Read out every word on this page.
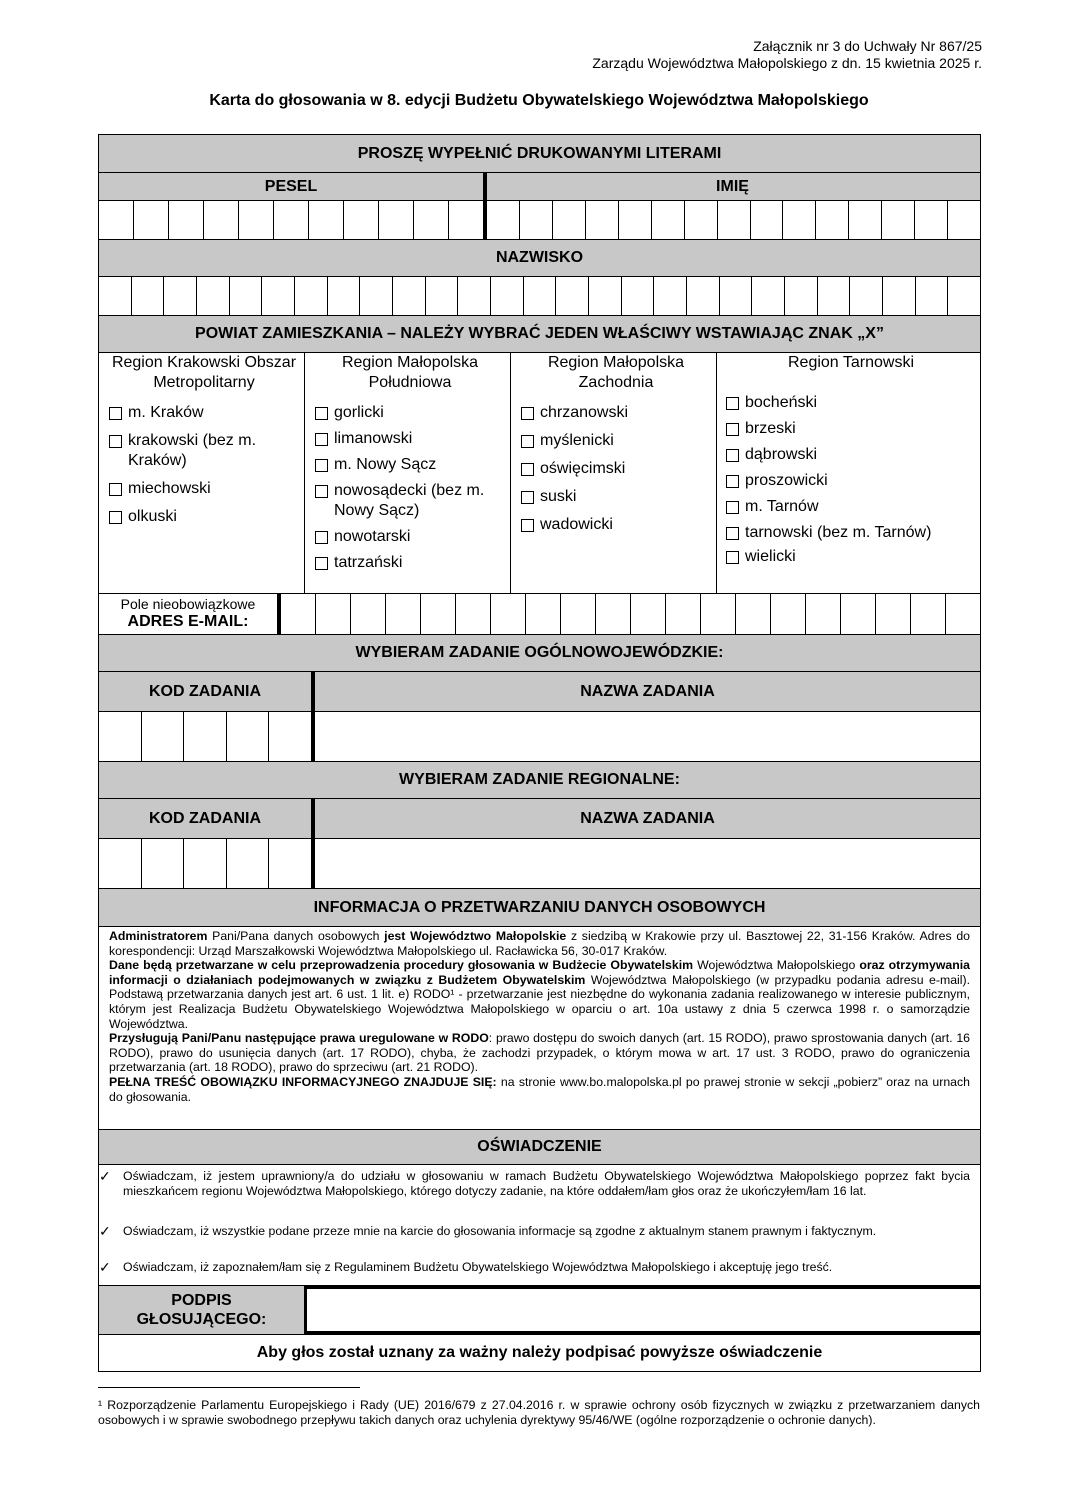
Załącznik nr 3 do Uchwały Nr 867/25
Zarządu Województwa Małopolskiego z dn. 15 kwietnia 2025 r.
Karta do głosowania w 8. edycji Budżetu Obywatelskiego Województwa Małopolskiego
PROSZĘ WYPEŁNIĆ DRUKOWANYMI LITERAMI
PESEL	IMIĘ
NAZWISKO
POWIAT ZAMIESZKANIA – NALEŻY WYBRAĆ JEDEN WŁAŚCIWY WSTAWIAJĄC ZNAK „X”
Region Krakowski Obszar Metropolitarny
m. Kraków
krakowski (bez m. Kraków)
miechowski
olkuski
Region Małopolska Południowa
gorlicki
limanowski
m. Nowy Sącz
nowosądecki (bez m. Nowy Sącz)
nowotarski
tatrzański
Region Małopolska Zachodnia
chrzanowski
myślenicki
oświęcimski
suski
wadowicki
Region Tarnowski
bocheński
brzeski
dąbrowski
proszowicki
m. Tarnów
tarnowski (bez m. Tarnów)
wielicki
Pole nieobowiązkowe
ADRES E-MAIL:
WYBIERAM ZADANIE OGÓLNOWOJEWÓDZKIE:
KOD ZADANIA	NAZWA ZADANIA
WYBIERAM ZADANIE REGIONALNE:
KOD ZADANIA	NAZWA ZADANIA
INFORMACJA O PRZETWARZANIU DANYCH OSOBOWYCH
Administratorem Pani/Pana danych osobowych jest Województwo Małopolskie z siedzibą w Krakowie przy ul. Basztowej 22, 31-156 Kraków. Adres do korespondencji: Urząd Marszałkowski Województwa Małopolskiego ul. Racławicka 56, 30-017 Kraków.
Dane będą przetwarzane w celu przeprowadzenia procedury głosowania w Budżecie Obywatelskim Województwa Małopolskiego oraz otrzymywania informacji o działaniach podejmowanych w związku z Budżetem Obywatelskim Województwa Małopolskiego (w przypadku podania adresu e-mail). Podstawą przetwarzania danych jest art. 6 ust. 1 lit. e) RODO¹ - przetwarzanie jest niezbędne do wykonania zadania realizowanego w interesie publicznym, którym jest Realizacja Budżetu Obywatelskiego Województwa Małopolskiego w oparciu o art. 10a ustawy z dnia 5 czerwca 1998 r. o samorządzie Województwa.
Przysługują Pani/Panu następujące prawa uregulowane w RODO: prawo dostępu do swoich danych (art. 15 RODO), prawo sprostowania danych (art. 16 RODO), prawo do usunięcia danych (art. 17 RODO), chyba, że zachodzi przypadek, o którym mowa w art. 17 ust. 3 RODO, prawo do ograniczenia przetwarzania (art. 18 RODO), prawo do sprzeciwu (art. 21 RODO).
PEŁNA TREŚĆ OBOWIĄZKU INFORMACYJNEGO ZNAJDUJE SIĘ: na stronie www.bo.malopolska.pl po prawej stronie w sekcji „pobierz” oraz na urnach do głosowania.
OŚWIADCZENIE
✓ Oświadczam, iż jestem uprawniony/a do udziału w głosowaniu w ramach Budżetu Obywatelskiego Województwa Małopolskiego poprzez fakt bycia mieszkańcem regionu Województwa Małopolskiego, którego dotyczy zadanie, na które oddałem/łam głos oraz że ukończyłem/łam 16 lat.
✓ Oświadczam, iż wszystkie podane przeze mnie na karcie do głosowania informacje są zgodne z aktualnym stanem prawnym i faktycznym.
✓ Oświadczam, iż zapoznałem/łam się z Regulaminem Budżetu Obywatelskiego Województwa Małopolskiego i akceptuję jego treść.
PODPIS
GŁOSUJĄCEGO:
Aby głos został uznany za ważny należy podpisać powyższe oświadczenie
¹ Rozporządzenie Parlamentu Europejskiego i Rady (UE) 2016/679 z 27.04.2016 r. w sprawie ochrony osób fizycznych w związku z przetwarzaniem danych osobowych i w sprawie swobodnego przepływu takich danych oraz uchylenia dyrektywy 95/46/WE (ogólne rozporządzenie o ochronie danych).
